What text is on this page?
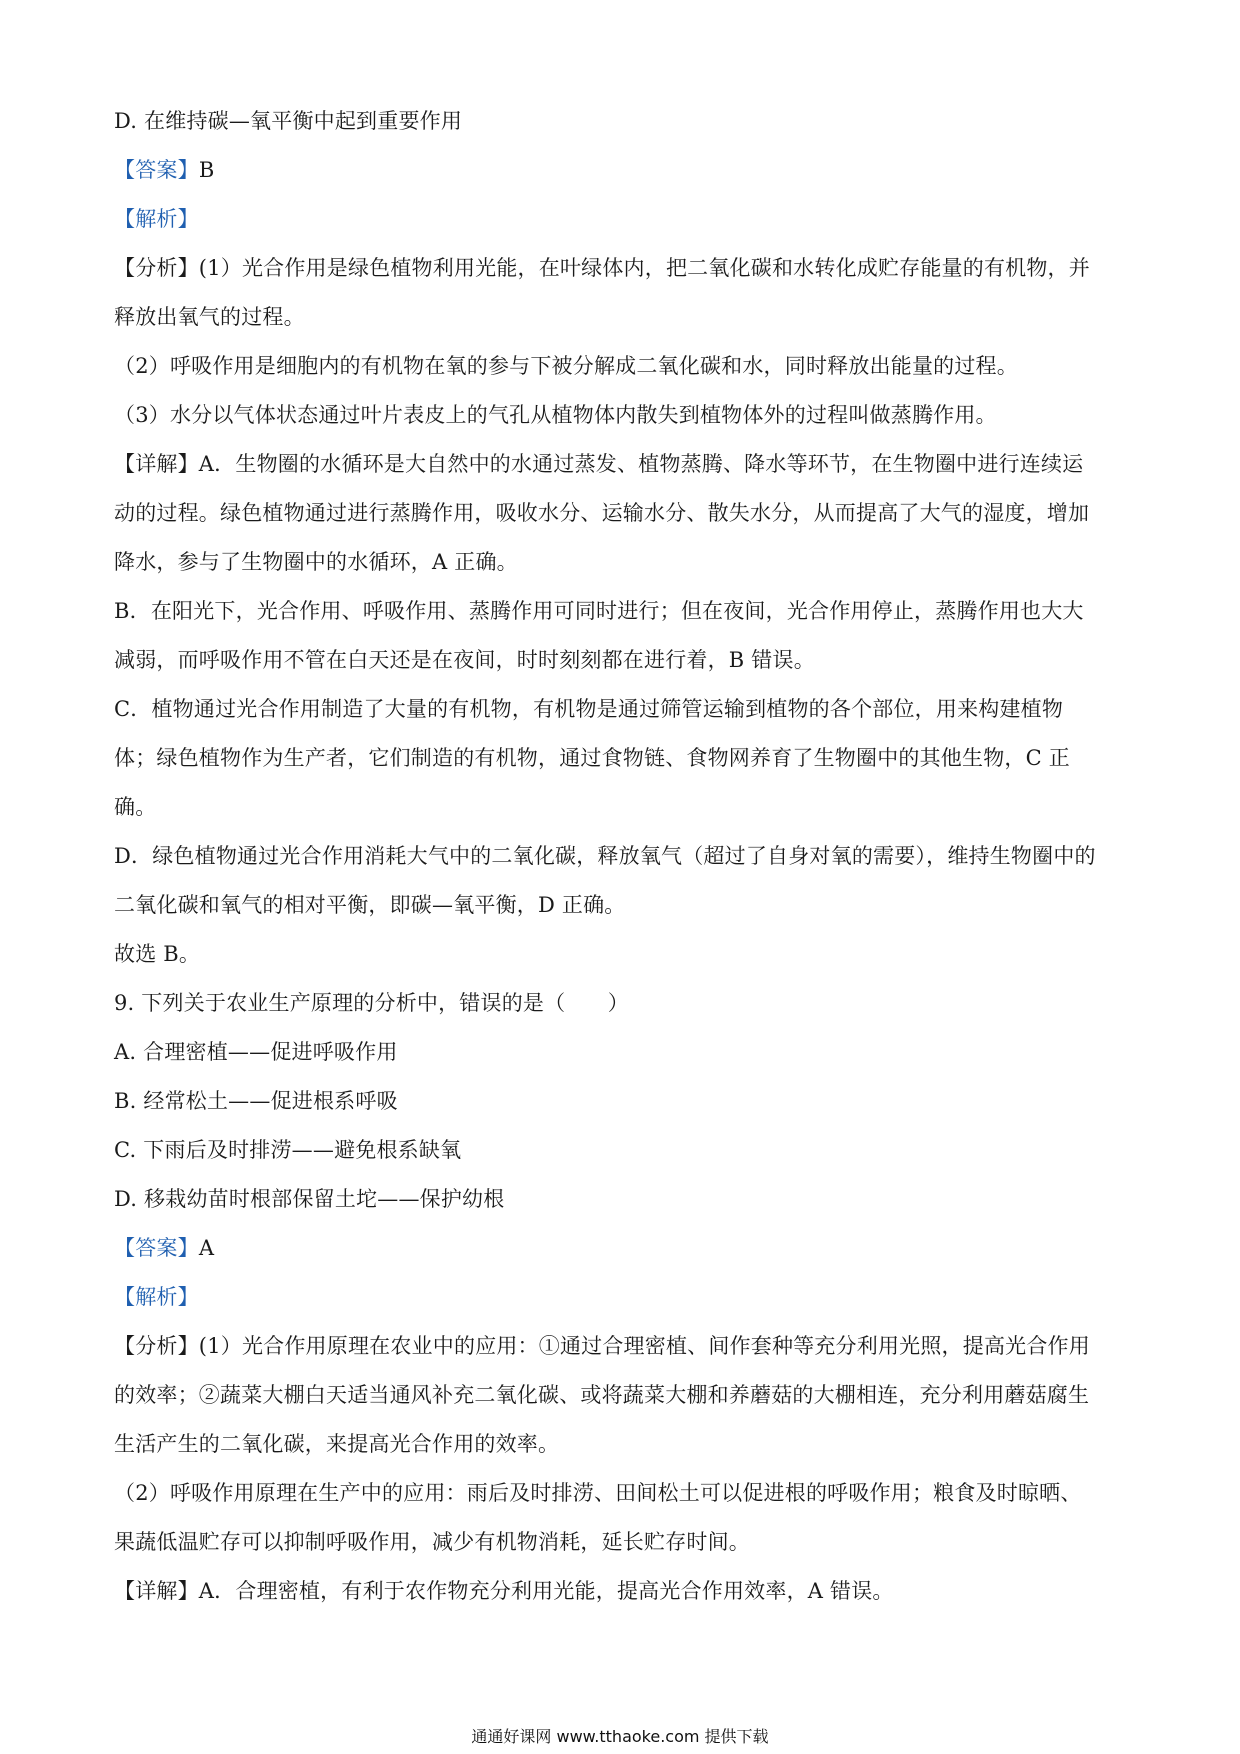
D. 在维持碳—氧平衡中起到重要作用
【答案】B
【解析】
【分析】(1）光合作用是绿色植物利用光能，在叶绿体内，把二氧化碳和水转化成贮存能量的有机物，并
释放出氧气的过程。
（2）呼吸作用是细胞内的有机物在氧的参与下被分解成二氧化碳和水，同时释放出能量的过程。
（3）水分以气体状态通过叶片表皮上的气孔从植物体内散失到植物体外的过程叫做蒸腾作用。
【详解】A．生物圈的水循环是大自然中的水通过蒸发、植物蒸腾、降水等环节，在生物圈中进行连续运
动的过程。绿色植物通过进行蒸腾作用，吸收水分、运输水分、散失水分，从而提高了大气的湿度，增加
降水，参与了生物圈中的水循环，A 正确。
B．在阳光下，光合作用、呼吸作用、蒸腾作用可同时进行；但在夜间，光合作用停止，蒸腾作用也大大
减弱，而呼吸作用不管在白天还是在夜间，时时刻刻都在进行着，B 错误。
C．植物通过光合作用制造了大量的有机物，有机物是通过筛管运输到植物的各个部位，用来构建植物
体；绿色植物作为生产者，它们制造的有机物，通过食物链、食物网养育了生物圈中的其他生物，C 正
确。
D．绿色植物通过光合作用消耗大气中的二氧化碳，释放氧气（超过了自身对氧的需要），维持生物圈中的
二氧化碳和氧气的相对平衡，即碳—氧平衡，D 正确。
故选 B。
9. 下列关于农业生产原理的分析中，错误的是（　　）
A. 合理密植——促进呼吸作用
B. 经常松土——促进根系呼吸
C. 下雨后及时排涝——避免根系缺氧
D. 移栽幼苗时根部保留土坨——保护幼根
【答案】A
【解析】
【分析】(1）光合作用原理在农业中的应用：①通过合理密植、间作套种等充分利用光照，提高光合作用
的效率；②蔬菜大棚白天适当通风补充二氧化碳、或将蔬菜大棚和养蘑菇的大棚相连，充分利用蘑菇腐生
生活产生的二氧化碳，来提高光合作用的效率。
（2）呼吸作用原理在生产中的应用：雨后及时排涝、田间松土可以促进根的呼吸作用；粮食及时晾晒、
果蔬低温贮存可以抑制呼吸作用，减少有机物消耗，延长贮存时间。
【详解】A．合理密植，有利于农作物充分利用光能，提高光合作用效率，A 错误。
通通好课网 www.tthaoke.com 提供下载
